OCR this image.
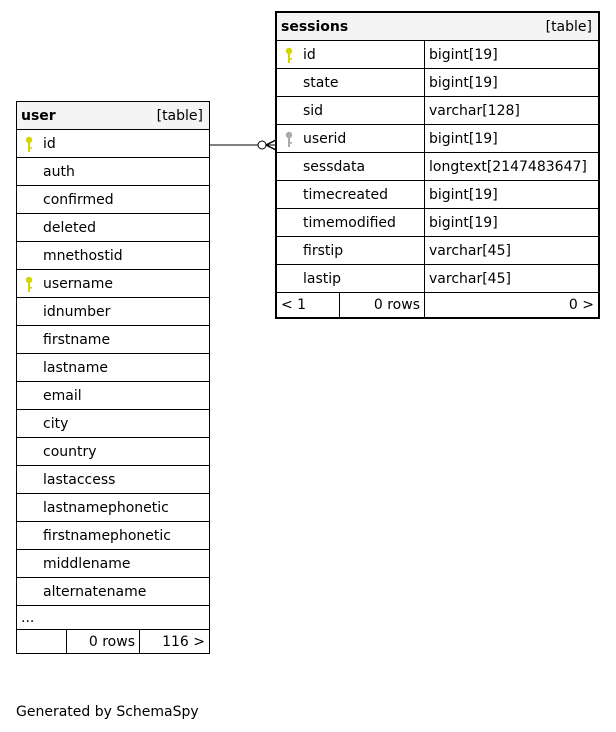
user	[table]

id

auth
confirmed
deleted
mnethostid
username

idnumber
firstname
lastname
email
city
country
lastaccess
lastnamephonetic
firstnamephonetic
middlename
alternatename
...
	0 rows	116 >
sessions [table]		

id		bigint[19]
state		bigint[19]
sid		varchar[128]
userid		bigint[19]
sessdata		longtext[2147483647]
timecreated		bigint[19]
timemodified		bigint[19]
firstip		varchar[45]
lastip		varchar[45]
< 1	0 rows	0 >
Generated by SchemaSpy
